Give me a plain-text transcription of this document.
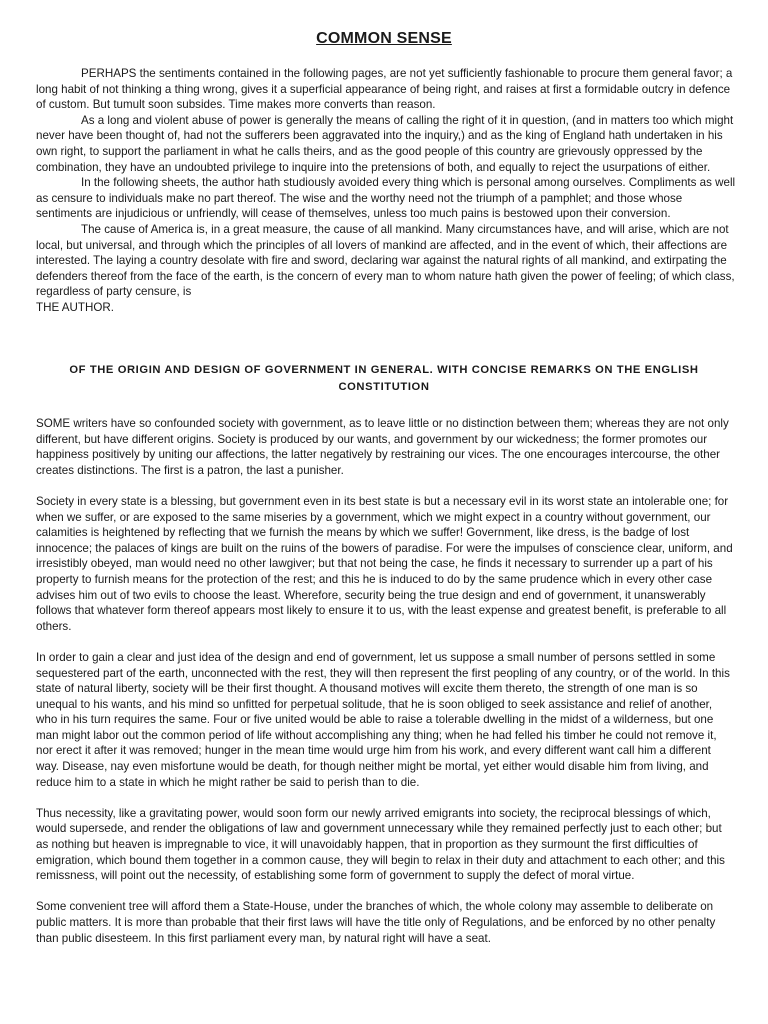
COMMON SENSE

PERHAPS the sentiments contained in the following pages, are not yet sufficiently fashionable to procure them general favor; a long habit of not thinking a thing wrong, gives it a superficial appearance of being right, and raises at first a formidable outcry in defence of custom. But tumult soon subsides. Time makes more converts than reason.

As a long and violent abuse of power is generally the means of calling the right of it in question, (and in matters too which might never have been thought of, had not the sufferers been aggravated into the inquiry,) and as the king of England hath undertaken in his own right, to support the parliament in what he calls theirs, and as the good people of this country are grievously oppressed by the combination, they have an undoubted privilege to inquire into the pretensions of both, and equally to reject the usurpations of either.

In the following sheets, the author hath studiously avoided every thing which is personal among ourselves. Compliments as well as censure to individuals make no part thereof. The wise and the worthy need not the triumph of a pamphlet; and those whose sentiments are injudicious or unfriendly, will cease of themselves, unless too much pains is bestowed upon their conversion.

The cause of America is, in a great measure, the cause of all mankind. Many circumstances have, and will arise, which are not local, but universal, and through which the principles of all lovers of mankind are affected, and in the event of which, their affections are interested. The laying a country desolate with fire and sword, declaring war against the natural rights of all mankind, and extirpating the defenders thereof from the face of the earth, is the concern of every man to whom nature hath given the power of feeling; of which class, regardless of party censure, is

THE AUTHOR.

OF THE ORIGIN AND DESIGN OF GOVERNMENT IN GENERAL. WITH CONCISE REMARKS ON THE ENGLISH CONSTITUTION

SOME writers have so confounded society with government, as to leave little or no distinction between them; whereas they are not only different, but have different origins. Society is produced by our wants, and government by our wickedness; the former promotes our happiness positively by uniting our affections, the latter negatively by restraining our vices. The one encourages intercourse, the other creates distinctions. The first is a patron, the last a punisher.

Society in every state is a blessing, but government even in its best state is but a necessary evil in its worst state an intolerable one; for when we suffer, or are exposed to the same miseries by a government, which we might expect in a country without government, our calamities is heightened by reflecting that we furnish the means by which we suffer! Government, like dress, is the badge of lost innocence; the palaces of kings are built on the ruins of the bowers of paradise. For were the impulses of conscience clear, uniform, and irresistibly obeyed, man would need no other lawgiver; but that not being the case, he finds it necessary to surrender up a part of his property to furnish means for the protection of the rest; and this he is induced to do by the same prudence which in every other case advises him out of two evils to choose the least. Wherefore, security being the true design and end of government, it unanswerably follows that whatever form thereof appears most likely to ensure it to us, with the least expense and greatest benefit, is preferable to all others.

In order to gain a clear and just idea of the design and end of government, let us suppose a small number of persons settled in some sequestered part of the earth, unconnected with the rest, they will then represent the first peopling of any country, or of the world. In this state of natural liberty, society will be their first thought. A thousand motives will excite them thereto, the strength of one man is so unequal to his wants, and his mind so unfitted for perpetual solitude, that he is soon obliged to seek assistance and relief of another, who in his turn requires the same. Four or five united would be able to raise a tolerable dwelling in the midst of a wilderness, but one man might labor out the common period of life without accomplishing any thing; when he had felled his timber he could not remove it, nor erect it after it was removed; hunger in the mean time would urge him from his work, and every different want call him a different way. Disease, nay even misfortune would be death, for though neither might be mortal, yet either would disable him from living, and reduce him to a state in which he might rather be said to perish than to die.

Thus necessity, like a gravitating power, would soon form our newly arrived emigrants into society, the reciprocal blessings of which, would supersede, and render the obligations of law and government unnecessary while they remained perfectly just to each other; but as nothing but heaven is impregnable to vice, it will unavoidably happen, that in proportion as they surmount the first difficulties of emigration, which bound them together in a common cause, they will begin to relax in their duty and attachment to each other; and this remissness, will point out the necessity, of establishing some form of government to supply the defect of moral virtue.

Some convenient tree will afford them a State-House, under the branches of which, the whole colony may assemble to deliberate on public matters. It is more than probable that their first laws will have the title only of Regulations, and be enforced by no other penalty than public disesteem. In this first parliament every man, by natural right will have a seat.
